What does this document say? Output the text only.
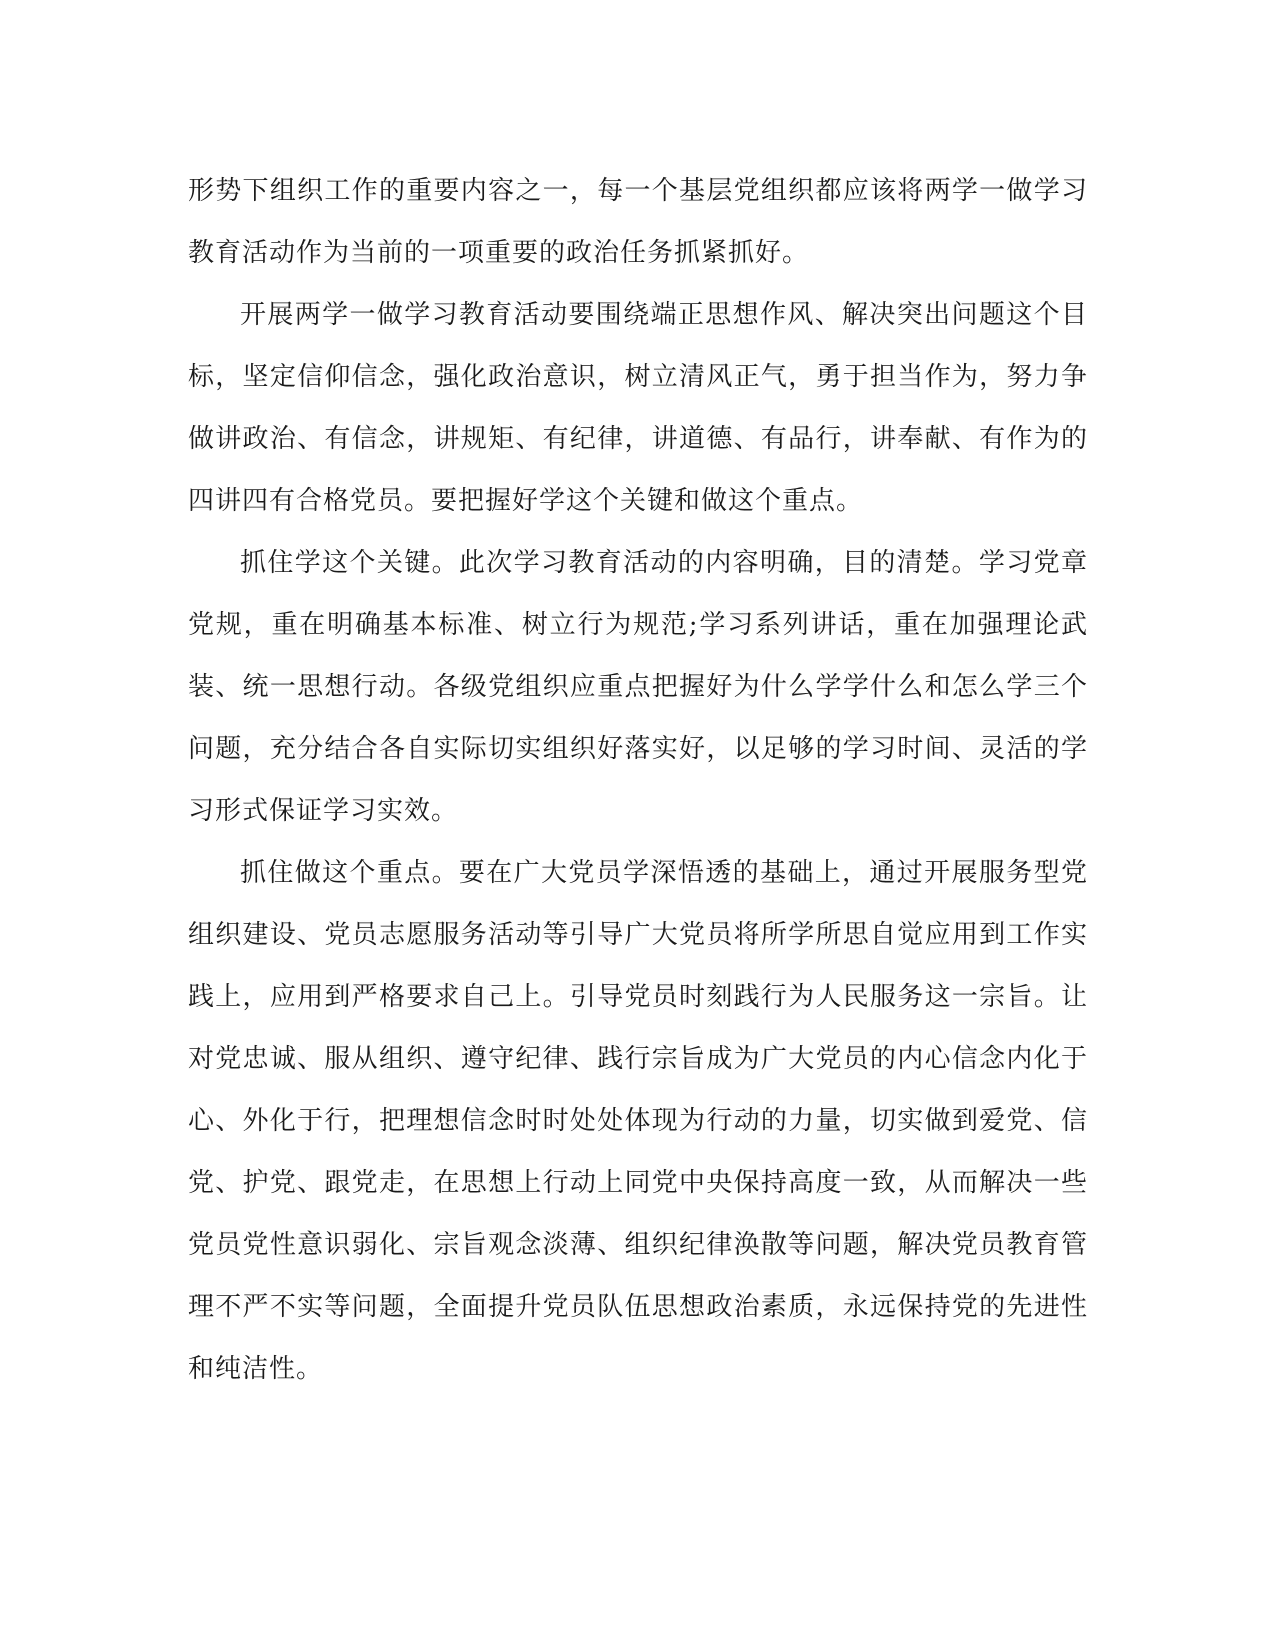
形势下组织工作的重要内容之一，每一个基层党组织都应该将两学一做学习教育活动作为当前的一项重要的政治任务抓紧抓好。

开展两学一做学习教育活动要围绕端正思想作风、解决突出问题这个目标，坚定信仰信念，强化政治意识，树立清风正气，勇于担当作为，努力争做讲政治、有信念，讲规矩、有纪律，讲道德、有品行，讲奉献、有作为的四讲四有合格党员。要把握好学这个关键和做这个重点。

抓住学这个关键。此次学习教育活动的内容明确，目的清楚。学习党章党规，重在明确基本标准、树立行为规范;学习系列讲话，重在加强理论武装、统一思想行动。各级党组织应重点把握好为什么学学什么和怎么学三个问题，充分结合各自实际切实组织好落实好，以足够的学习时间、灵活的学习形式保证学习实效。

抓住做这个重点。要在广大党员学深悟透的基础上，通过开展服务型党组织建设、党员志愿服务活动等引导广大党员将所学所思自觉应用到工作实践上，应用到严格要求自己上。引导党员时刻践行为人民服务这一宗旨。让对党忠诚、服从组织、遵守纪律、践行宗旨成为广大党员的内心信念内化于心、外化于行，把理想信念时时处处体现为行动的力量，切实做到爱党、信党、护党、跟党走，在思想上行动上同党中央保持高度一致，从而解决一些党员党性意识弱化、宗旨观念淡薄、组织纪律涣散等问题，解决党员教育管理不严不实等问题，全面提升党员队伍思想政治素质，永远保持党的先进性和纯洁性。
